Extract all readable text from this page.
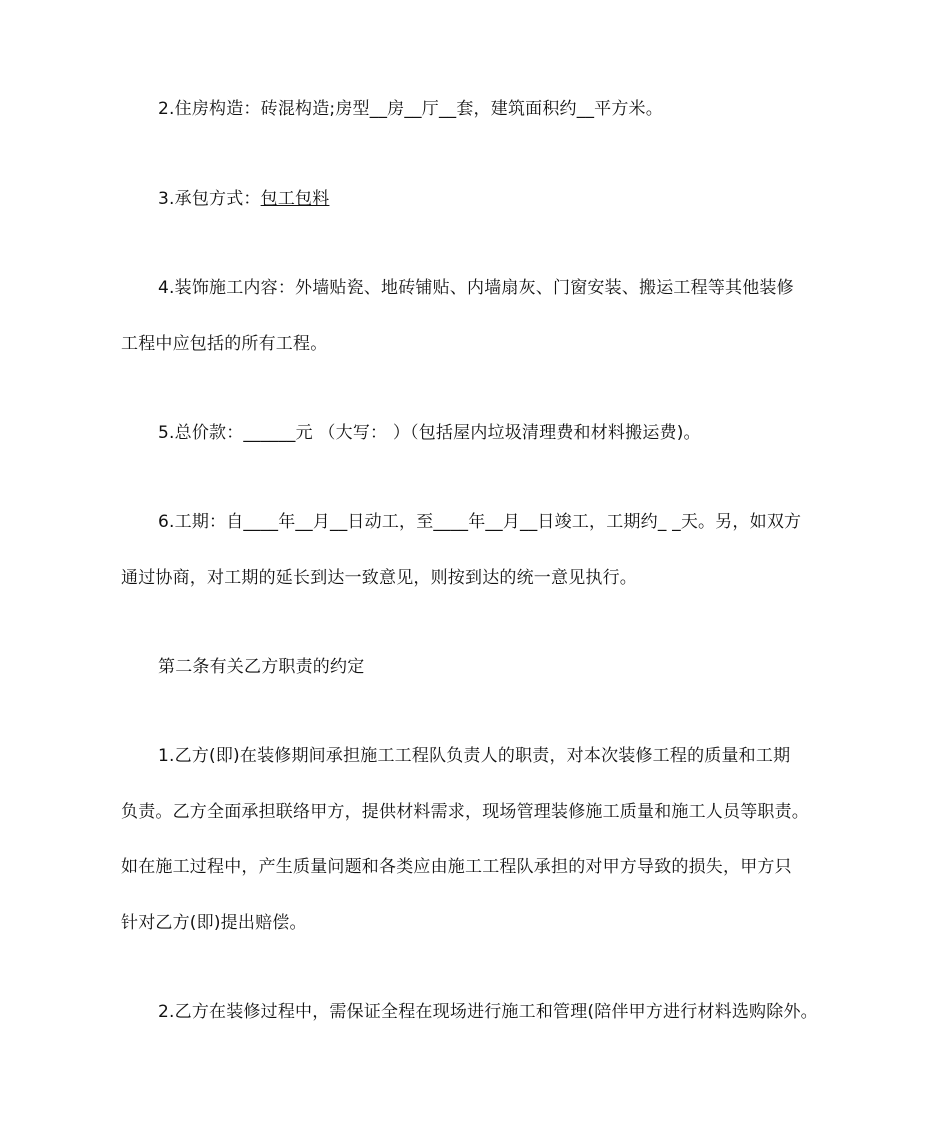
2.住房构造：砖混构造;房型__房__厅__套，建筑面积约__平方米。
3.承包方式：包工包料
4.装饰施工内容：外墙贴瓷、地砖铺贴、内墙扇灰、门窗安装、搬运工程等其他装修
工程中应包括的所有工程。
5.总价款：______元 （大写： ）（包括屋内垃圾清理费和材料搬运费)。
6.工期：自____年__月__日动工，至____年__月__日竣工，工期约_ _天。另，如双方
通过协商，对工期的延长到达一致意见，则按到达的统一意见执行。
第二条有关乙方职责的约定
1.乙方(即)在装修期间承担施工工程队负责人的职责，对本次装修工程的质量和工期
负责。乙方全面承担联络甲方，提供材料需求，现场管理装修施工质量和施工人员等职责。
如在施工过程中，产生质量问题和各类应由施工工程队承担的对甲方导致的损失，甲方只
针对乙方(即)提出赔偿。
2.乙方在装修过程中，需保证全程在现场进行施工和管理(陪伴甲方进行材料选购除外。
